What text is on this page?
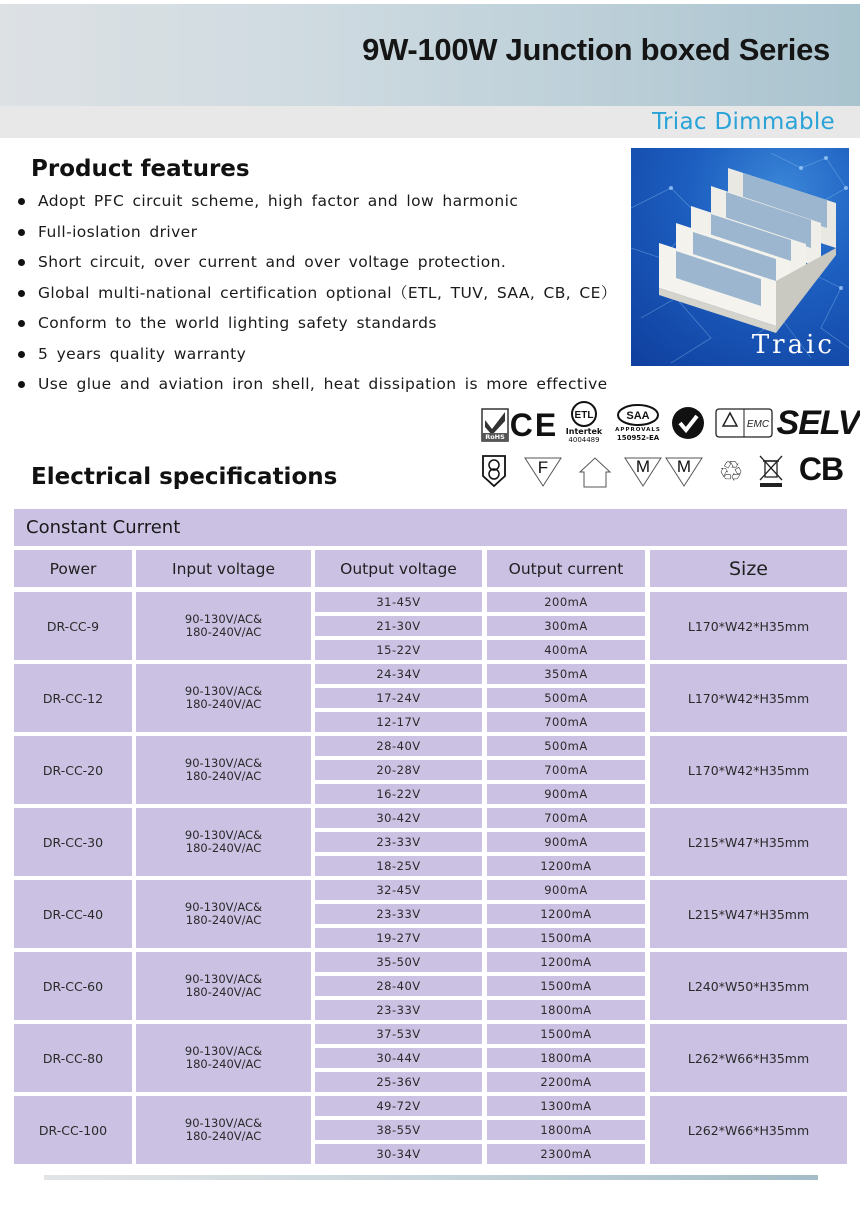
9W-100W Junction boxed Series
Triac Dimmable
Product features
Adopt PFC circuit scheme, high factor and low harmonic
Full-ioslation driver
Short circuit, over current and over voltage protection.
Global multi-national certification optional（ETL, TUV, SAA, CB, CE）
Conform to the world lighting safety standards
5 years quality warranty
Use glue and aviation iron shell, heat dissipation is more effective
Traic
RoHS CE ETL
Intertek
4004489
SAA
APPROVALS
150952-EA
EMC SELV
F	M M ♲ CB
Electrical specifications
Constant Current
Power	Input voltage	Output voltage	Output current	Size
DR-CC-9	90-130V/AC&
180-240V/AC
31-45V	200mA
21-30V	300mA
15-22V	400mA
L170*W42*H35mm
DR-CC-12	90-130V/AC&
180-240V/AC
24-34V	350mA
17-24V	500mA
12-17V	700mA
L170*W42*H35mm
DR-CC-20	90-130V/AC&
180-240V/AC
28-40V	500mA
20-28V	700mA
16-22V	900mA
L170*W42*H35mm
DR-CC-30	90-130V/AC&
180-240V/AC
30-42V	700mA
23-33V	900mA
18-25V	1200mA
L215*W47*H35mm
DR-CC-40	90-130V/AC&
180-240V/AC
32-45V	900mA
23-33V	1200mA
19-27V	1500mA
L215*W47*H35mm
DR-CC-60	90-130V/AC&
180-240V/AC
35-50V	1200mA
28-40V	1500mA
23-33V	1800mA
L240*W50*H35mm
DR-CC-80	90-130V/AC&
180-240V/AC
37-53V	1500mA
30-44V	1800mA
25-36V	2200mA
L262*W66*H35mm
DR-CC-100	90-130V/AC&
180-240V/AC
49-72V	1300mA
38-55V	1800mA
30-34V	2300mA
L262*W66*H35mm
